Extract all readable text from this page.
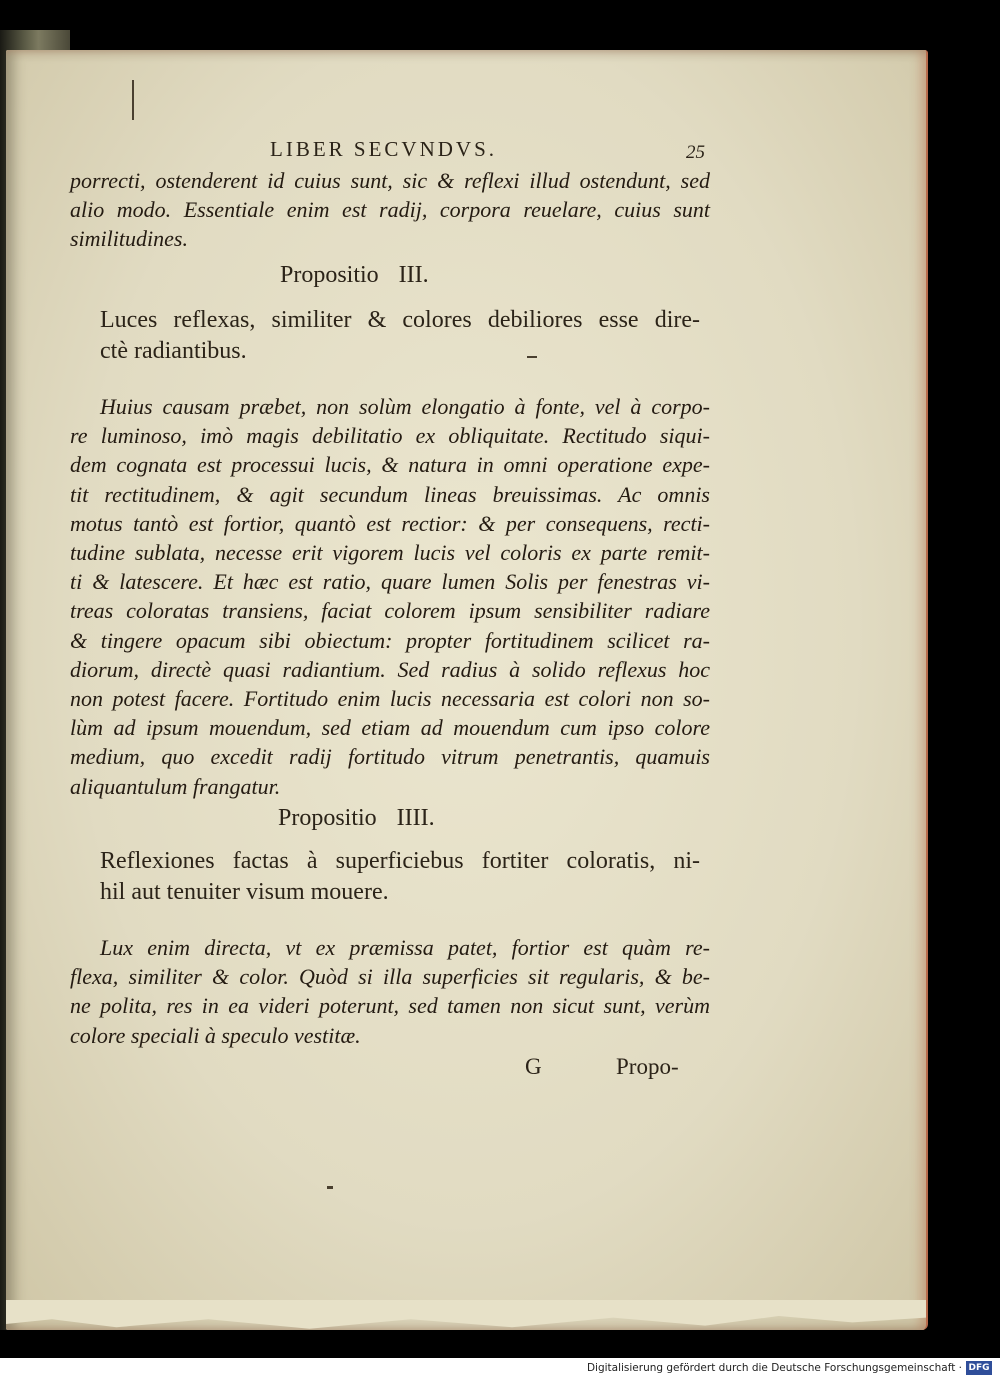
LIBER SECVNDVS.	25
porrecti, ostenderent id cuius sunt, sic & reflexi illud ostendunt, sed
alio modo. Essentiale enim est radij, corpora reuelare, cuius sunt
similitudines.
Propositio III.
Luces reflexas, similiter & colores debiliores esse dire-
ctè radiantibus.
Huius causam præbet, non solùm elongatio à fonte, vel à corpo-
re luminoso, imò magis debilitatio ex obliquitate. Rectitudo siqui-
dem cognata est processui lucis, & natura in omni operatione expe-
tit rectitudinem, & agit secundum lineas breuissimas. Ac omnis
motus tantò est fortior, quantò est rectior: & per consequens, recti-
tudine sublata, necesse erit vigorem lucis vel coloris ex parte remit-
ti & latescere. Et hæc est ratio, quare lumen Solis per fenestras vi-
treas coloratas transiens, faciat colorem ipsum sensibiliter radiare
& tingere opacum sibi obiectum: propter fortitudinem scilicet ra-
diorum, directè quasi radiantium. Sed radius à solido reflexus hoc
non potest facere. Fortitudo enim lucis necessaria est colori non so-
lùm ad ipsum mouendum, sed etiam ad mouendum cum ipso colore
medium, quo excedit radij fortitudo vitrum penetrantis, quamuis
aliquantulum frangatur.
Propositio IIII.
Reflexiones factas à superficiebus fortiter coloratis, ni-
hil aut tenuiter visum mouere.
Lux enim directa, vt ex præmissa patet, fortior est quàm re-
flexa, similiter & color. Quòd si illa superficies sit regularis, & be-
ne polita, res in ea videri poterunt, sed tamen non sicut sunt, verùm
colore speciali à speculo vestitæ.
G	Propo-
Digitalisierung gefördert durch die Deutsche Forschungsgemeinschaft · DFG
